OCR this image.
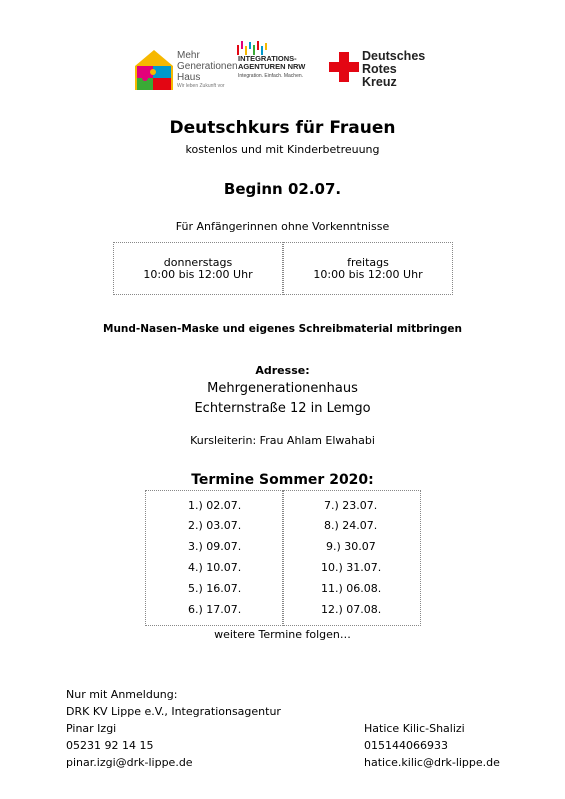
Mehr
Generationen
Haus
Wir leben Zukunft vor
INTEGRATIONS-
AGENTUREN NRW
Integration. Einfach. Machen.
Deutsches
Rotes
Kreuz
Deutschkurs für Frauen
kostenlos und mit Kinderbetreuung
Beginn 02.07.
Für Anfängerinnen ohne Vorkenntnisse
donnerstags
10:00 bis 12:00 Uhr
freitags
10:00 bis 12:00 Uhr
Mund-Nasen-Maske und eigenes Schreibmaterial mitbringen
Adresse:
Mehrgenerationenhaus
Echternstraße 12 in Lemgo
Kursleiterin: Frau Ahlam Elwahabi
Termine Sommer 2020:
1.) 02.07.
2.) 03.07.
3.) 09.07.
4.) 10.07.
5.) 16.07.
6.) 17.07.
7.) 23.07.
8.) 24.07.
9.) 30.07
10.) 31.07.
11.) 06.08.
12.) 07.08.
weitere Termine folgen…
Nur mit Anmeldung:
DRK KV Lippe e.V., Integrationsagentur
Pinar Izgi
05231 92 14 15
pinar.izgi@drk-lippe.de
Hatice Kilic-Shalizi
015144066933
hatice.kilic@drk-lippe.de
